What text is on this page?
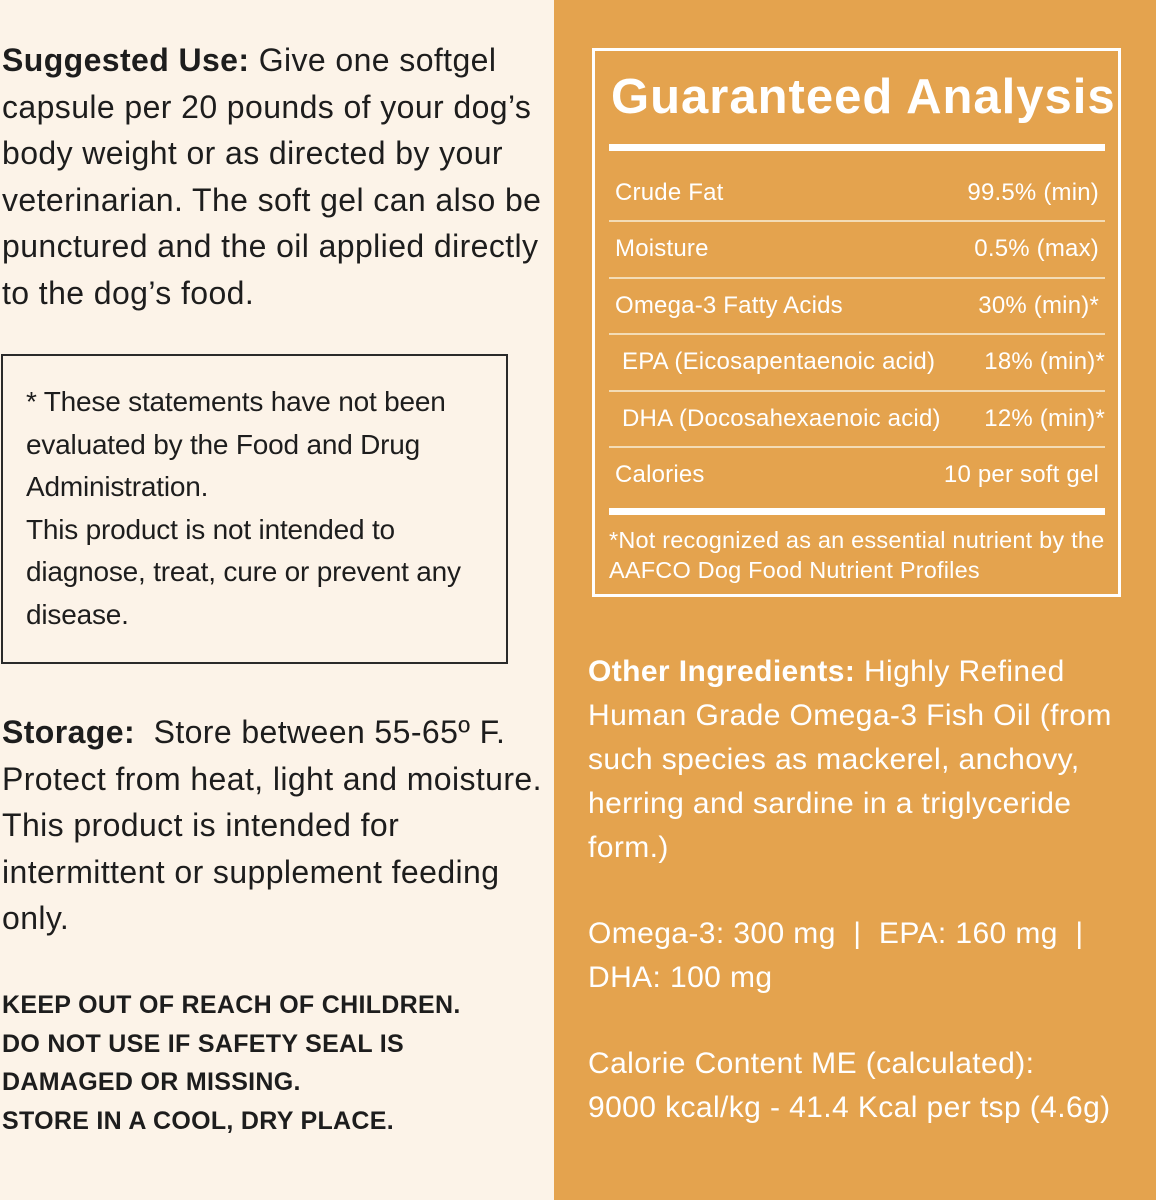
Suggested Use: Give one softgel capsule per 20 pounds of your dog’s body weight or as directed by your veterinarian. The soft gel can also be punctured and the oil applied directly to the dog’s food.

* These statements have not been evaluated by the Food and Drug Administration.
This product is not intended to diagnose, treat, cure or prevent any disease.

Storage:  Store between 55-65º F. Protect from heat, light and moisture. This product is intended for intermittent or supplement feeding only.

KEEP OUT OF REACH OF CHILDREN.
DO NOT USE IF SAFETY SEAL IS
DAMAGED OR MISSING.
STORE IN A COOL, DRY PLACE.
Guaranteed Analysis
Crude Fat	99.5% (min)
Moisture	0.5% (max)
Omega-3 Fatty Acids	30% (min)*
EPA (Eicosapentaenoic acid) 18% (min)*
DHA (Docosahexaenoic acid) 12% (min)*
Calories	10 per soft gel
*Not recognized as an essential nutrient by the AAFCO Dog Food Nutrient Profiles

Other Ingredients: Highly Refined Human Grade Omega-3 Fish Oil (from such species as mackerel, anchovy, herring and sardine in a triglyceride form.)

Omega-3: 300 mg  |  EPA: 160 mg  |  DHA: 100 mg

Calorie Content ME (calculated):
9000 kcal/kg - 41.4 Kcal per tsp (4.6g)
